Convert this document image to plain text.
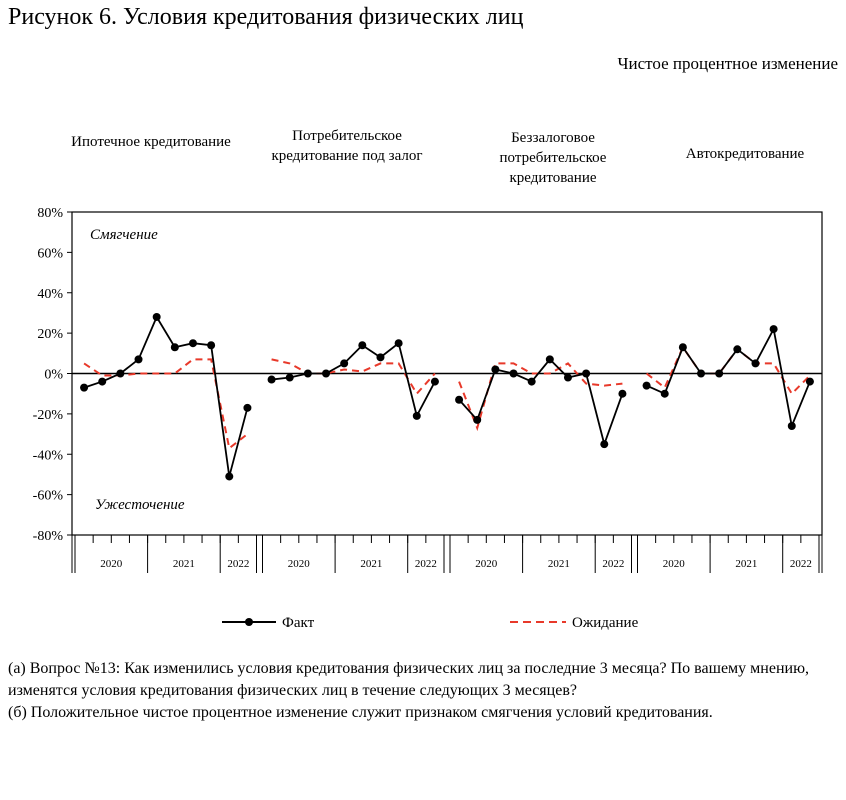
Рисунок 6. Условия кредитования физических лиц
Чистое процентное изменение
Ипотечное кредитование	Потребительское кредитование под залог
Беззалоговое потребительское кредитование
Автокредитование
-80%
-60%
-40%
-20%
0%
20%
40%
60%
80%
2020	2021	2022	2020	2021	2022	2020	2021	2022	2020	2021	2022
Смягчение
Ужесточение
Факт	Ожидание

(а) Вопрос №13: Как изменились условия кредитования физических лиц за последние 3 месяца? По вашему мнению, изменятся условия кредитования физических лиц в течение следующих 3 месяцев?

(б) Положительное чистое процентное изменение служит признаком смягчения условий кредитования.
